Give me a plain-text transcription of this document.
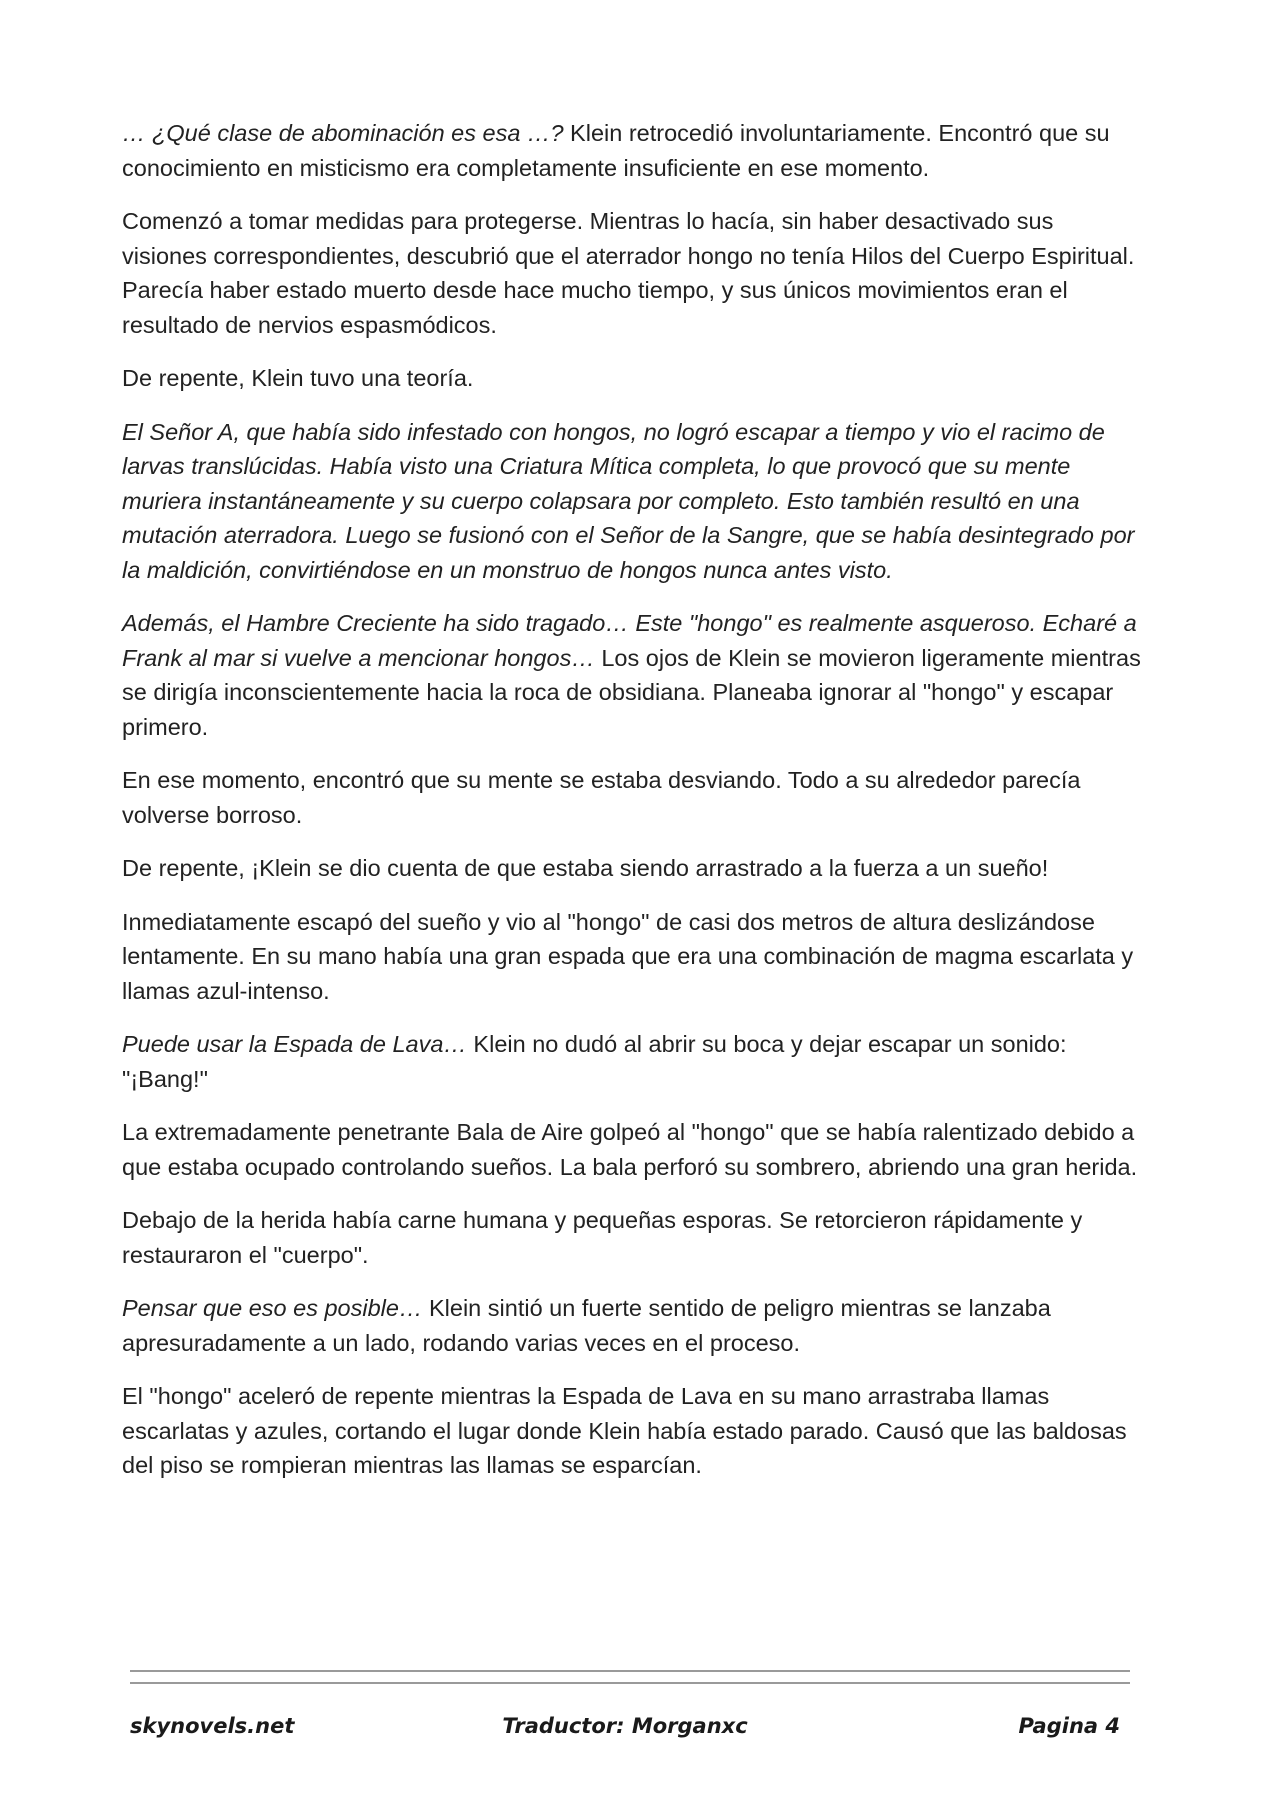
… ¿Qué clase de abominación es esa …? Klein retrocedió involuntariamente. Encontró que su conocimiento en misticismo era completamente insuficiente en ese momento.

Comenzó a tomar medidas para protegerse. Mientras lo hacía, sin haber desactivado sus visiones correspondientes, descubrió que el aterrador hongo no tenía Hilos del Cuerpo Espiritual. Parecía haber estado muerto desde hace mucho tiempo, y sus únicos movimientos eran el resultado de nervios espasmódicos.

De repente, Klein tuvo una teoría.

El Señor A, que había sido infestado con hongos, no logró escapar a tiempo y vio el racimo de larvas translúcidas. Había visto una Criatura Mítica completa, lo que provocó que su mente muriera instantáneamente y su cuerpo colapsara por completo. Esto también resultó en una mutación aterradora. Luego se fusionó con el Señor de la Sangre, que se había desintegrado por la maldición, convirtiéndose en un monstruo de hongos nunca antes visto.

Además, el Hambre Creciente ha sido tragado… Este "hongo" es realmente asqueroso. Echaré a Frank al mar si vuelve a mencionar hongos… Los ojos de Klein se movieron ligeramente mientras se dirigía inconscientemente hacia la roca de obsidiana. Planeaba ignorar al "hongo" y escapar primero.

En ese momento, encontró que su mente se estaba desviando. Todo a su alrededor parecía volverse borroso.

De repente, ¡Klein se dio cuenta de que estaba siendo arrastrado a la fuerza a un sueño!

Inmediatamente escapó del sueño y vio al "hongo" de casi dos metros de altura deslizándose lentamente. En su mano había una gran espada que era una combinación de magma escarlata y llamas azul-intenso.

Puede usar la Espada de Lava… Klein no dudó al abrir su boca y dejar escapar un sonido: "¡Bang!"

La extremadamente penetrante Bala de Aire golpeó al "hongo" que se había ralentizado debido a que estaba ocupado controlando sueños. La bala perforó su sombrero, abriendo una gran herida.

Debajo de la herida había carne humana y pequeñas esporas. Se retorcieron rápidamente y restauraron el "cuerpo".

Pensar que eso es posible… Klein sintió un fuerte sentido de peligro mientras se lanzaba apresuradamente a un lado, rodando varias veces en el proceso.

El "hongo" aceleró de repente mientras la Espada de Lava en su mano arrastraba llamas escarlatas y azules, cortando el lugar donde Klein había estado parado. Causó que las baldosas del piso se rompieran mientras las llamas se esparcían.

skynovels.net	Traductor: Morganxc	Pagina 4
